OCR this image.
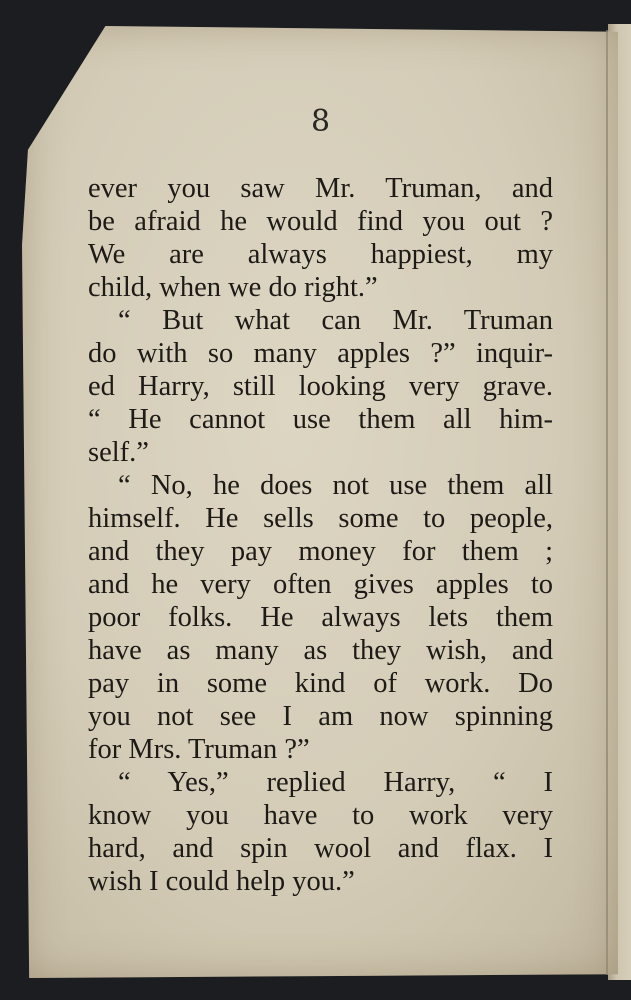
8
ever you saw Mr. Truman, and
be afraid he would find you out ?
We are always happiest, my
child, when we do right.”
“ But what can Mr. Truman
do with so many apples ?” inquir-
ed Harry, still looking very grave.
“ He cannot use them all him-
self.”
“ No, he does not use them all
himself. He sells some to people,
and they pay money for them ;
and he very often gives apples to
poor folks. He always lets them
have as many as they wish, and
pay in some kind of work. Do
you not see I am now spinning
for Mrs. Truman ?”
“ Yes,” replied Harry, “ I
know you have to work very
hard, and spin wool and flax. I
wish I could help you.”
